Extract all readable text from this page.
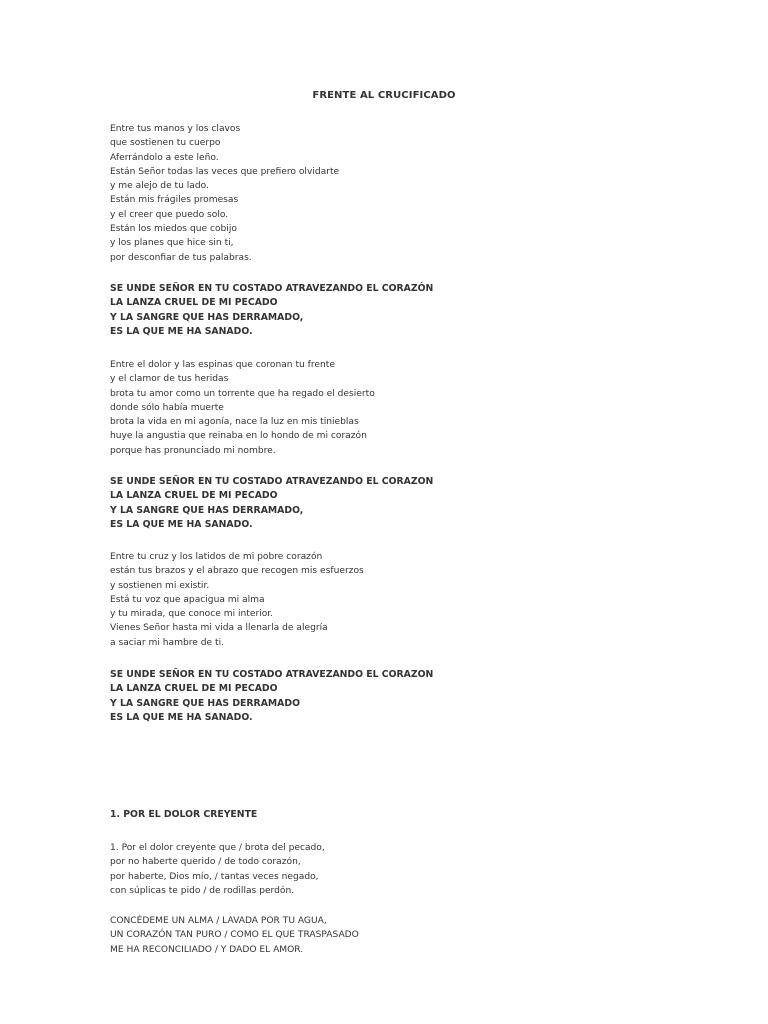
FRENTE AL CRUCIFICADO
Entre tus manos y los clavos
que sostienen tu cuerpo
Aferrándolo a este leño.
Están Señor todas las veces que prefiero olvidarte
y me alejo de tu lado.
Están mis frágiles promesas
y el creer que puedo solo.
Están los miedos que cobijo
y los planes que hice sin ti,
por desconfiar de tus palabras.
SE UNDE SEÑOR EN TU COSTADO ATRAVEZANDO EL CORAZÓN
LA LANZA CRUEL DE MI PECADO
Y LA SANGRE QUE HAS DERRAMADO,
ES LA QUE ME HA SANADO.
Entre el dolor y las espinas que coronan tu frente
y el clamor de tus heridas
brota tu amor como un torrente que ha regado el desierto
donde sólo había muerte
brota la vida en mi agonía, nace la luz en mis tinieblas
huye la angustia que reinaba en lo hondo de mi corazón
porque has pronunciado mi nombre.
SE UNDE SEÑOR EN TU COSTADO ATRAVEZANDO EL CORAZON
LA LANZA CRUEL DE MI PECADO
Y LA SANGRE QUE HAS DERRAMADO,
ES LA QUE ME HA SANADO.
Entre tu cruz y los latidos de mi pobre corazón
están tus brazos y el abrazo que recogen mis esfuerzos
y sostienen mi existir.
Está tu voz que apacigua mi alma
y tu mirada, que conoce mi interior.
Vienes Señor hasta mi vida a llenarla de alegría
a saciar mi hambre de ti.
SE UNDE SEÑOR EN TU COSTADO ATRAVEZANDO EL CORAZON
LA LANZA CRUEL DE MI PECADO
Y LA SANGRE QUE HAS DERRAMADO
ES LA QUE ME HA SANADO.
1. POR EL DOLOR CREYENTE
1. Por el dolor creyente que / brota del pecado,
por no haberte querido / de todo corazón,
por haberte, Dios mío, / tantas veces negado,
con súplicas te pido / de rodillas perdón.
CONCÉDEME UN ALMA / LAVADA POR TU AGUA,
UN CORAZÓN TAN PURO / COMO EL QUE TRASPASADO
ME HA RECONCILIADO / Y DADO EL AMOR.
